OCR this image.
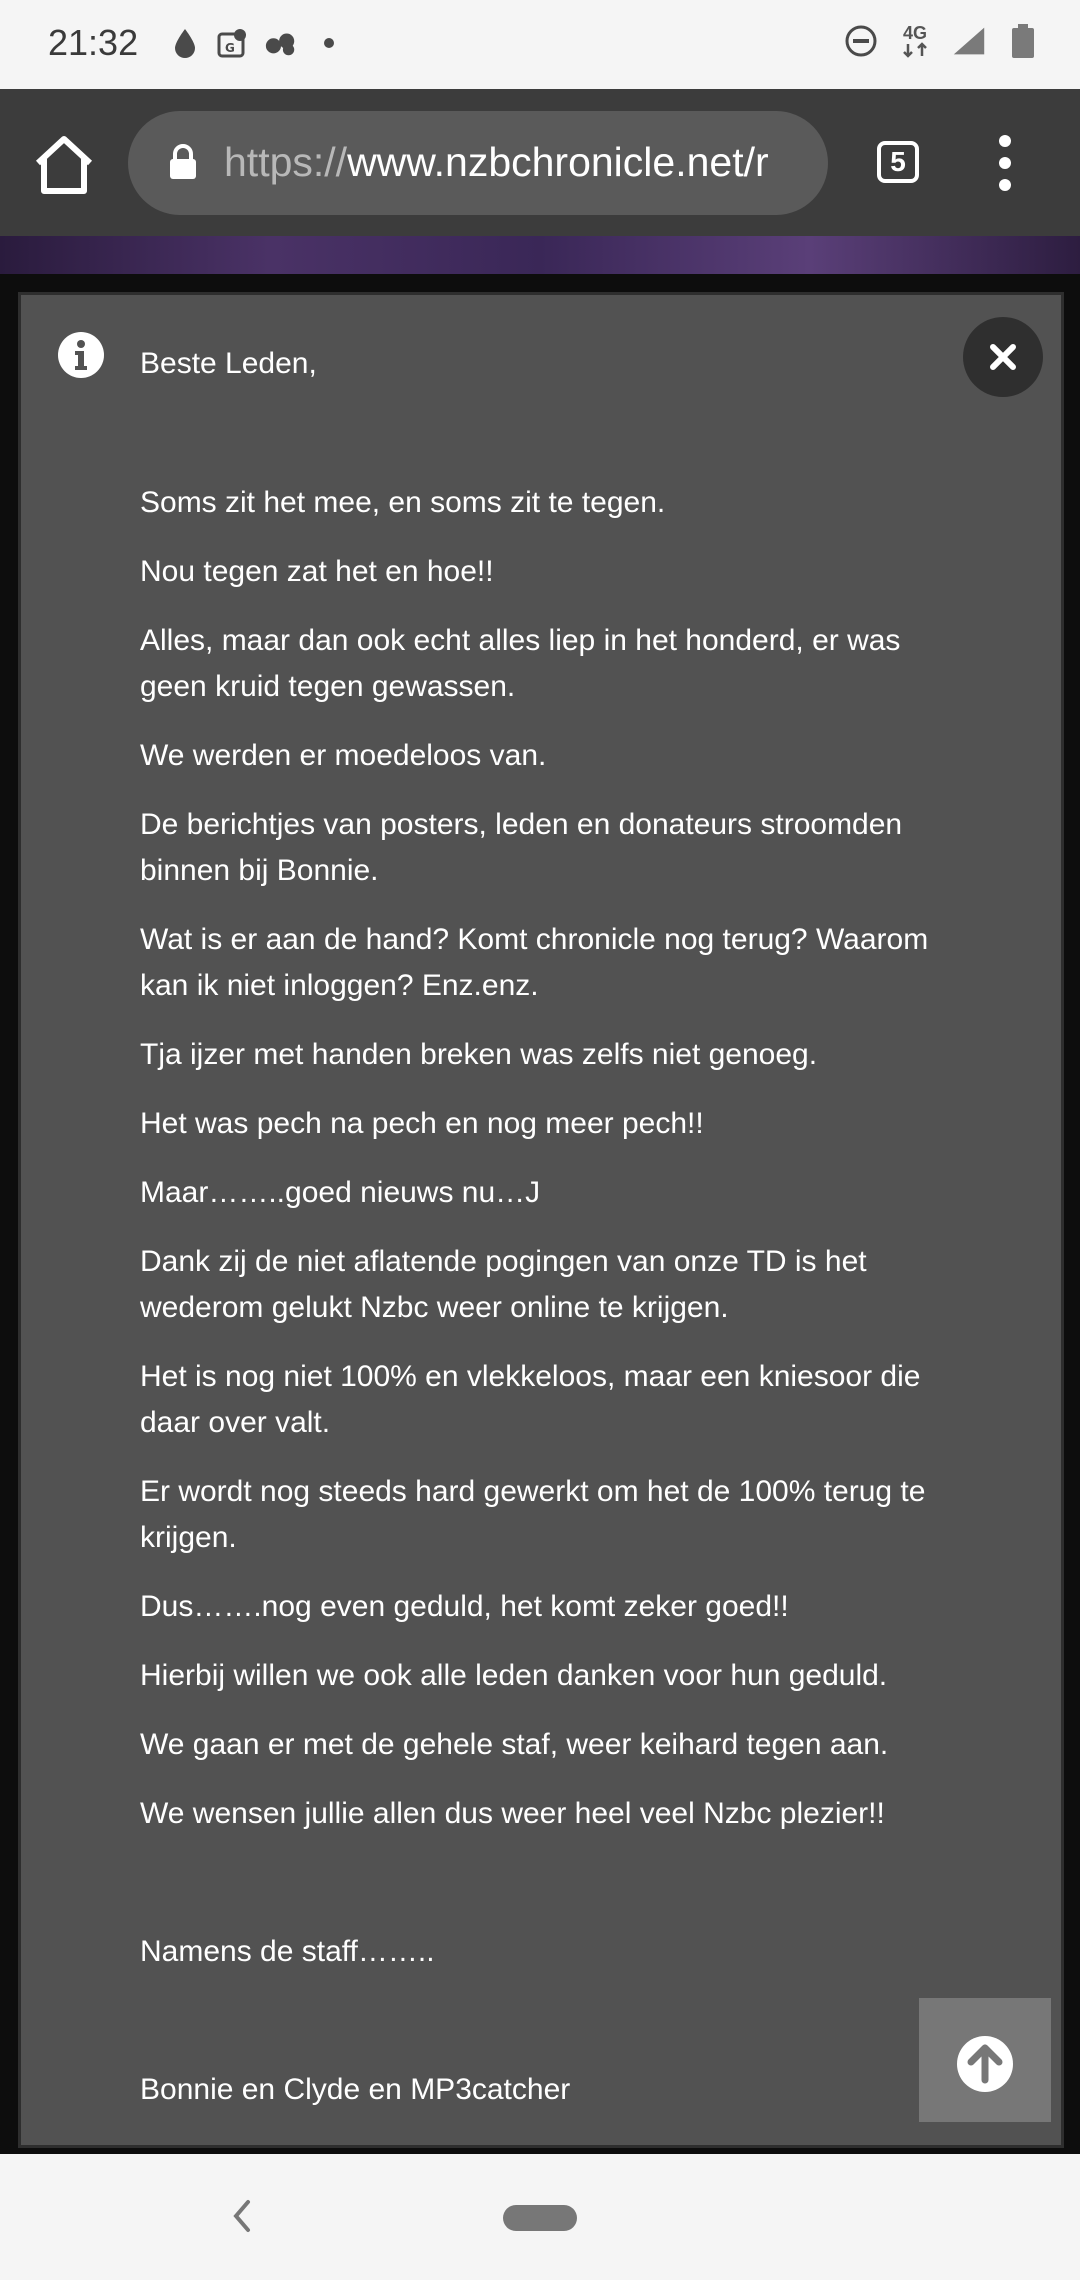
21:32	G
4G
https://www.nzbchronicle.net/r	5

Beste Leden,

Soms zit het mee, en soms zit te tegen.

Nou tegen zat het en hoe!!

Alles, maar dan ook echt alles liep in het honderd, er was geen kruid tegen gewassen.

We werden er moedeloos van.

De berichtjes van posters, leden en donateurs stroomden binnen bij Bonnie.

Wat is er aan de hand? Komt chronicle nog terug? Waarom kan ik niet inloggen? Enz.enz.

Tja ijzer met handen breken was zelfs niet genoeg.

Het was pech na pech en nog meer pech!!

Maar……..goed nieuws nu…J

Dank zij de niet aflatende pogingen van onze TD is het wederom gelukt Nzbc weer online te krijgen.

Het is nog niet 100% en vlekkeloos, maar een kniesoor die daar over valt.

Er wordt nog steeds hard gewerkt om het de 100% terug te krijgen.

Dus…….nog even geduld, het komt zeker goed!!

Hierbij willen we ook alle leden danken voor hun geduld.

We gaan er met de gehele staf, weer keihard tegen aan.

We wensen jullie allen dus weer heel veel Nzbc plezier!!

Namens de staff……..

Bonnie en Clyde en MP3catcher
